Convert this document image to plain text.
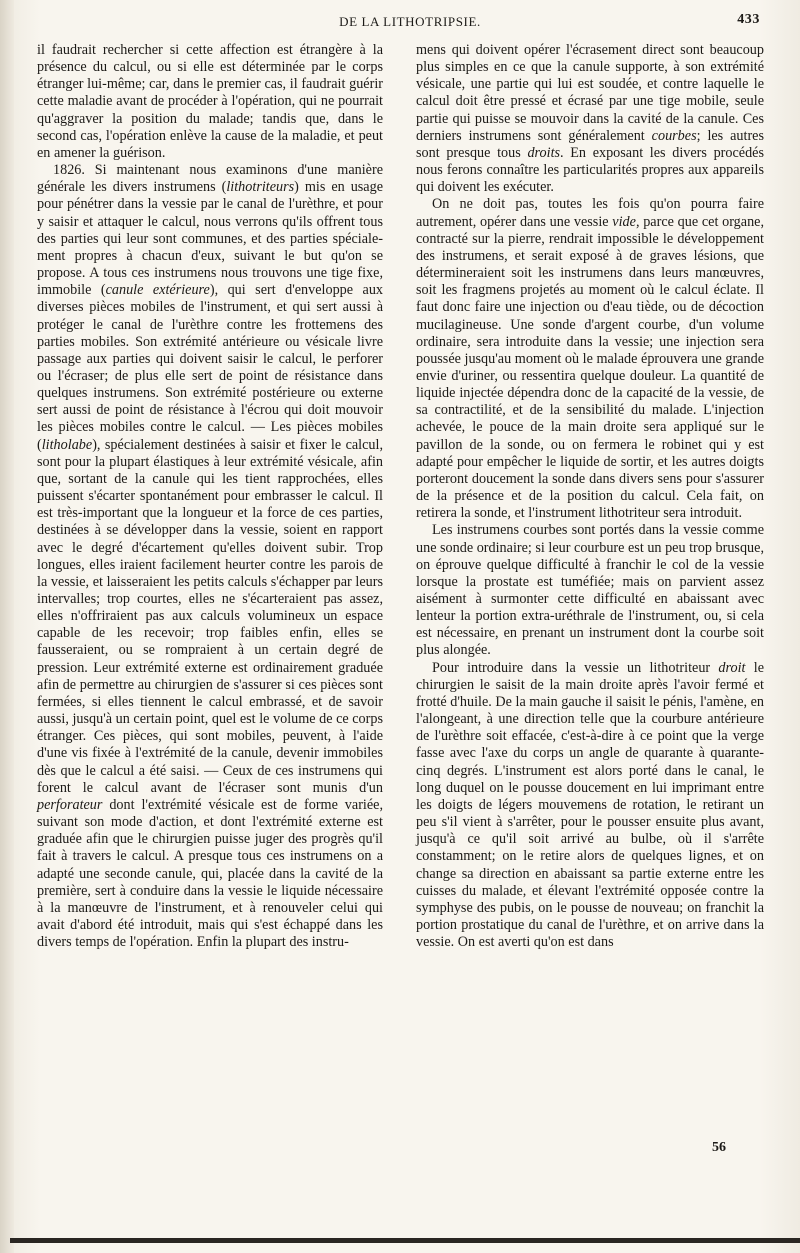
DE LA LITHOTRIPSIE.	433

il faudrait rechercher si cette affection est étrangère à la présence du calcul, ou si elle est déterminée par le corps étranger lui-même; car, dans le premier cas, il faudrait guérir cette maladie avant de procéder à l'opération, qui ne pourrait qu'aggraver la position du malade; tandis que, dans le second cas, l'opération enlève la cause de la maladie, et peut en amener la guérison.

1826. Si maintenant nous examinons d'une manière générale les divers instrumens (lithotriteurs) mis en usage pour pénétrer dans la vessie par le canal de l'urèthre, et pour y saisir et attaquer le calcul, nous verrons qu'ils offrent tous des parties qui leur sont communes, et des parties spéciale-ment propres à chacun d'eux, suivant le but qu'on se propose. A tous ces instrumens nous trouvons une tige fixe, immobile (canule extérieure), qui sert d'enveloppe aux diverses pièces mobiles de l'instrument, et qui sert aussi à protéger le canal de l'urèthre contre les frottemens des parties mobiles. Son extrémité antérieure ou vésicale livre passage aux parties qui doivent saisir le calcul, le perforer ou l'écraser; de plus elle sert de point de résistance dans quelques instrumens. Son extrémité postérieure ou externe sert aussi de point de résistance à l'écrou qui doit mouvoir les pièces mobiles contre le calcul. — Les pièces mobiles (litholabe), spécialement destinées à saisir et fixer le calcul, sont pour la plupart élastiques à leur extrémité vésicale, afin que, sortant de la canule qui les tient rapprochées, elles puissent s'écarter spontanément pour embrasser le calcul. Il est très-important que la longueur et la force de ces parties, destinées à se développer dans la vessie, soient en rapport avec le degré d'écartement qu'elles doivent subir. Trop longues, elles iraient facilement heurter contre les parois de la vessie, et laisseraient les petits calculs s'échapper par leurs intervalles; trop courtes, elles ne s'écarteraient pas assez, elles n'offriraient pas aux calculs volumineux un espace capable de les recevoir; trop faibles enfin, elles se fausseraient, ou se rompraient à un certain degré de pression. Leur extrémité externe est ordinairement graduée afin de permettre au chirurgien de s'assurer si ces pièces sont fermées, si elles tiennent le calcul embrassé, et de savoir aussi, jusqu'à un certain point, quel est le volume de ce corps étranger. Ces pièces, qui sont mobiles, peuvent, à l'aide d'une vis fixée à l'extrémité de la canule, devenir immobiles dès que le calcul a été saisi. — Ceux de ces instrumens qui forent le calcul avant de l'écraser sont munis d'un perforateur dont l'extrémité vésicale est de forme variée, suivant son mode d'action, et dont l'extrémité externe est graduée afin que le chirurgien puisse juger des progrès qu'il fait à travers le calcul. A presque tous ces instrumens on a adapté une seconde canule, qui, placée dans la cavité de la première, sert à conduire dans la vessie le liquide nécessaire à la manœuvre de l'instrument, et à renouveler celui qui avait d'abord été introduit, mais qui s'est échappé dans les divers temps de l'opération. Enfin la plupart des instru-

mens qui doivent opérer l'écrasement direct sont beaucoup plus simples en ce que la canule supporte, à son extrémité vésicale, une partie qui lui est soudée, et contre laquelle le calcul doit être pressé et écrasé par une tige mobile, seule partie qui puisse se mouvoir dans la cavité de la canule. Ces derniers instrumens sont généralement courbes; les autres sont presque tous droits. En exposant les divers procédés nous ferons connaître les particularités propres aux appareils qui doivent les exécuter.

On ne doit pas, toutes les fois qu'on pourra faire autrement, opérer dans une vessie vide, parce que cet organe, contracté sur la pierre, rendrait impossible le développement des instrumens, et serait exposé à de graves lésions, que détermineraient soit les instrumens dans leurs manœuvres, soit les fragmens projetés au moment où le calcul éclate. Il faut donc faire une injection ou d'eau tiède, ou de décoction mucilagineuse. Une sonde d'argent courbe, d'un volume ordinaire, sera introduite dans la vessie; une injection sera poussée jusqu'au moment où le malade éprouvera une grande envie d'uriner, ou ressentira quelque douleur. La quantité de liquide injectée dépendra donc de la capacité de la vessie, de sa contractilité, et de la sensibilité du malade. L'injection achevée, le pouce de la main droite sera appliqué sur le pavillon de la sonde, ou on fermera le robinet qui y est adapté pour empêcher le liquide de sortir, et les autres doigts porteront doucement la sonde dans divers sens pour s'assurer de la présence et de la position du calcul. Cela fait, on retirera la sonde, et l'instrument lithotriteur sera introduit.

Les instrumens courbes sont portés dans la vessie comme une sonde ordinaire; si leur courbure est un peu trop brusque, on éprouve quelque difficulté à franchir le col de la vessie lorsque la prostate est tuméfiée; mais on parvient assez aisément à surmonter cette difficulté en abaissant avec lenteur la portion extra-uréthrale de l'instrument, ou, si cela est nécessaire, en prenant un instrument dont la courbe soit plus alongée.

Pour introduire dans la vessie un lithotriteur droit le chirurgien le saisit de la main droite après l'avoir fermé et frotté d'huile. De la main gauche il saisit le pénis, l'amène, en l'alongeant, à une direction telle que la courbure antérieure de l'urèthre soit effacée, c'est-à-dire à ce point que la verge fasse avec l'axe du corps un angle de quarante à quarante-cinq degrés. L'instrument est alors porté dans le canal, le long duquel on le pousse doucement en lui imprimant entre les doigts de légers mouvemens de rotation, le retirant un peu s'il vient à s'arrêter, pour le pousser ensuite plus avant, jusqu'à ce qu'il soit arrivé au bulbe, où il s'arrête constamment; on le retire alors de quelques lignes, et on change sa direction en abaissant sa partie externe entre les cuisses du malade, et élevant l'extrémité opposée contre la symphyse des pubis, on le pousse de nouveau; on franchit la portion prostatique du canal de l'urèthre, et on arrive dans la vessie. On est averti qu'on est dans

56
